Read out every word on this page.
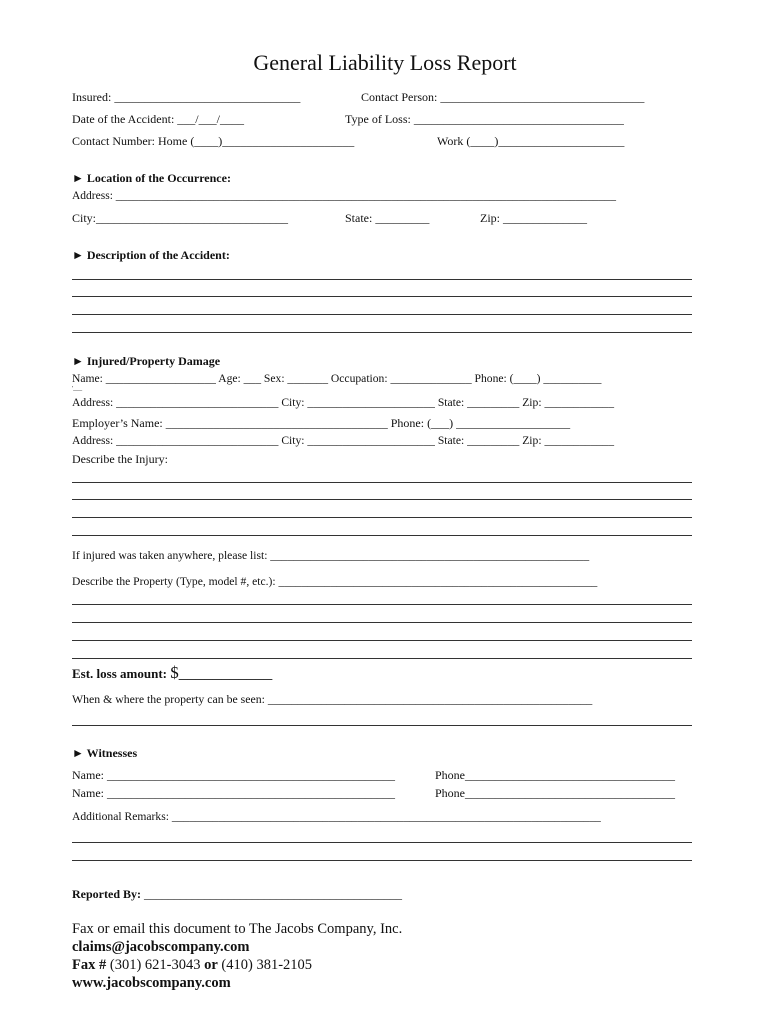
General Liability Loss Report
Insured: _______________________________	Contact Person: __________________________________
Date of the Accident: ___/___/____	Type of Loss: ___________________________________
Contact Number: Home (____)______________________	Work (____)_____________________
► Location of the Occurrence:
Address: _______________________________________________________________________________________
City:________________________________	State: _________	Zip: ______________
► Description of the Accident:
► Injured/Property Damage
Name: ___________________ Age: ___ Sex: _______ Occupation: ______________ Phone: (____) __________
'___
Address: ____________________________ City: ______________________ State: _________ Zip: ____________
Employer’s Name: _____________________________________ Phone: (___) ___________________
Address: ____________________________ City: ______________________ State: _________ Zip: ____________
Describe the Injury:
If injured was taken anywhere, please list: _______________________________________________________
Describe the Property (Type, model #, etc.): _______________________________________________________
Est. loss amount: $___________
When & where the property can be seen: _______________________________________________________
► Witnesses
Name: ________________________________________________	Phone___________________________________
Name: ________________________________________________	Phone___________________________________
Additional Remarks: __________________________________________________________________________
Reported By: ___________________________________________
Fax or email this document to The Jacobs Company, Inc.
claims@jacobscompany.com
Fax # (301) 621-3043 or (410) 381-2105
www.jacobscompany.com
